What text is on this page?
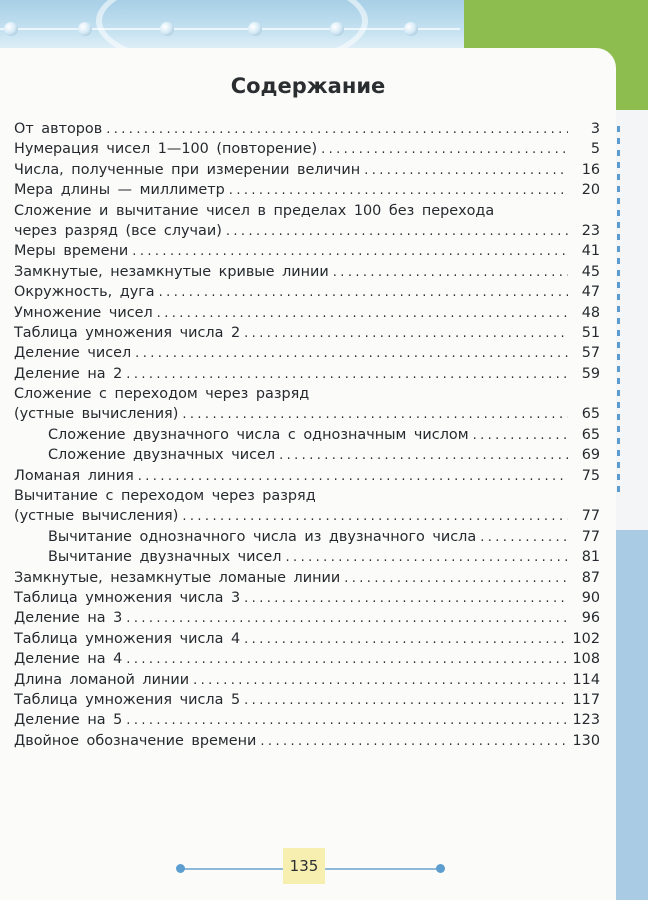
Содержание
От авторов .....	3
Нумерация чисел 1—100 (повторение) .....	5
Числа, полученные при измерении величин .....	16
Мера длины — миллиметр .....	20
Сложение и вычитание чисел в пределах 100 без перехода
через разряд (все случаи) .....	23
Меры времени .....	41
Замкнутые, незамкнутые кривые линии .....	45
Окружность, дуга .....	47
Умножение чисел .....	48
Таблица умножения числа 2 .....	51
Деление чисел .....	57
Деление на 2 .....	59
Сложение с переходом через разряд
(устные вычисления) .....	65
Сложение двузначного числа с однозначным числом .....	65
Сложение двузначных чисел .....	69
Ломаная линия .....	75
Вычитание с переходом через разряд
(устные вычисления) .....	77
Вычитание однозначного числа из двузначного числа .....	77
Вычитание двузначных чисел .....	81
Замкнутые, незамкнутые ломаные линии .....	87
Таблица умножения числа 3 .....	90
Деление на 3 .....	96
Таблица умножения числа 4 .....	102
Деление на 4 .....	108
Длина ломаной линии .....	114
Таблица умножения числа 5 .....	117
Деление на 5 .....	123
Двойное обозначение времени .....	130
135
